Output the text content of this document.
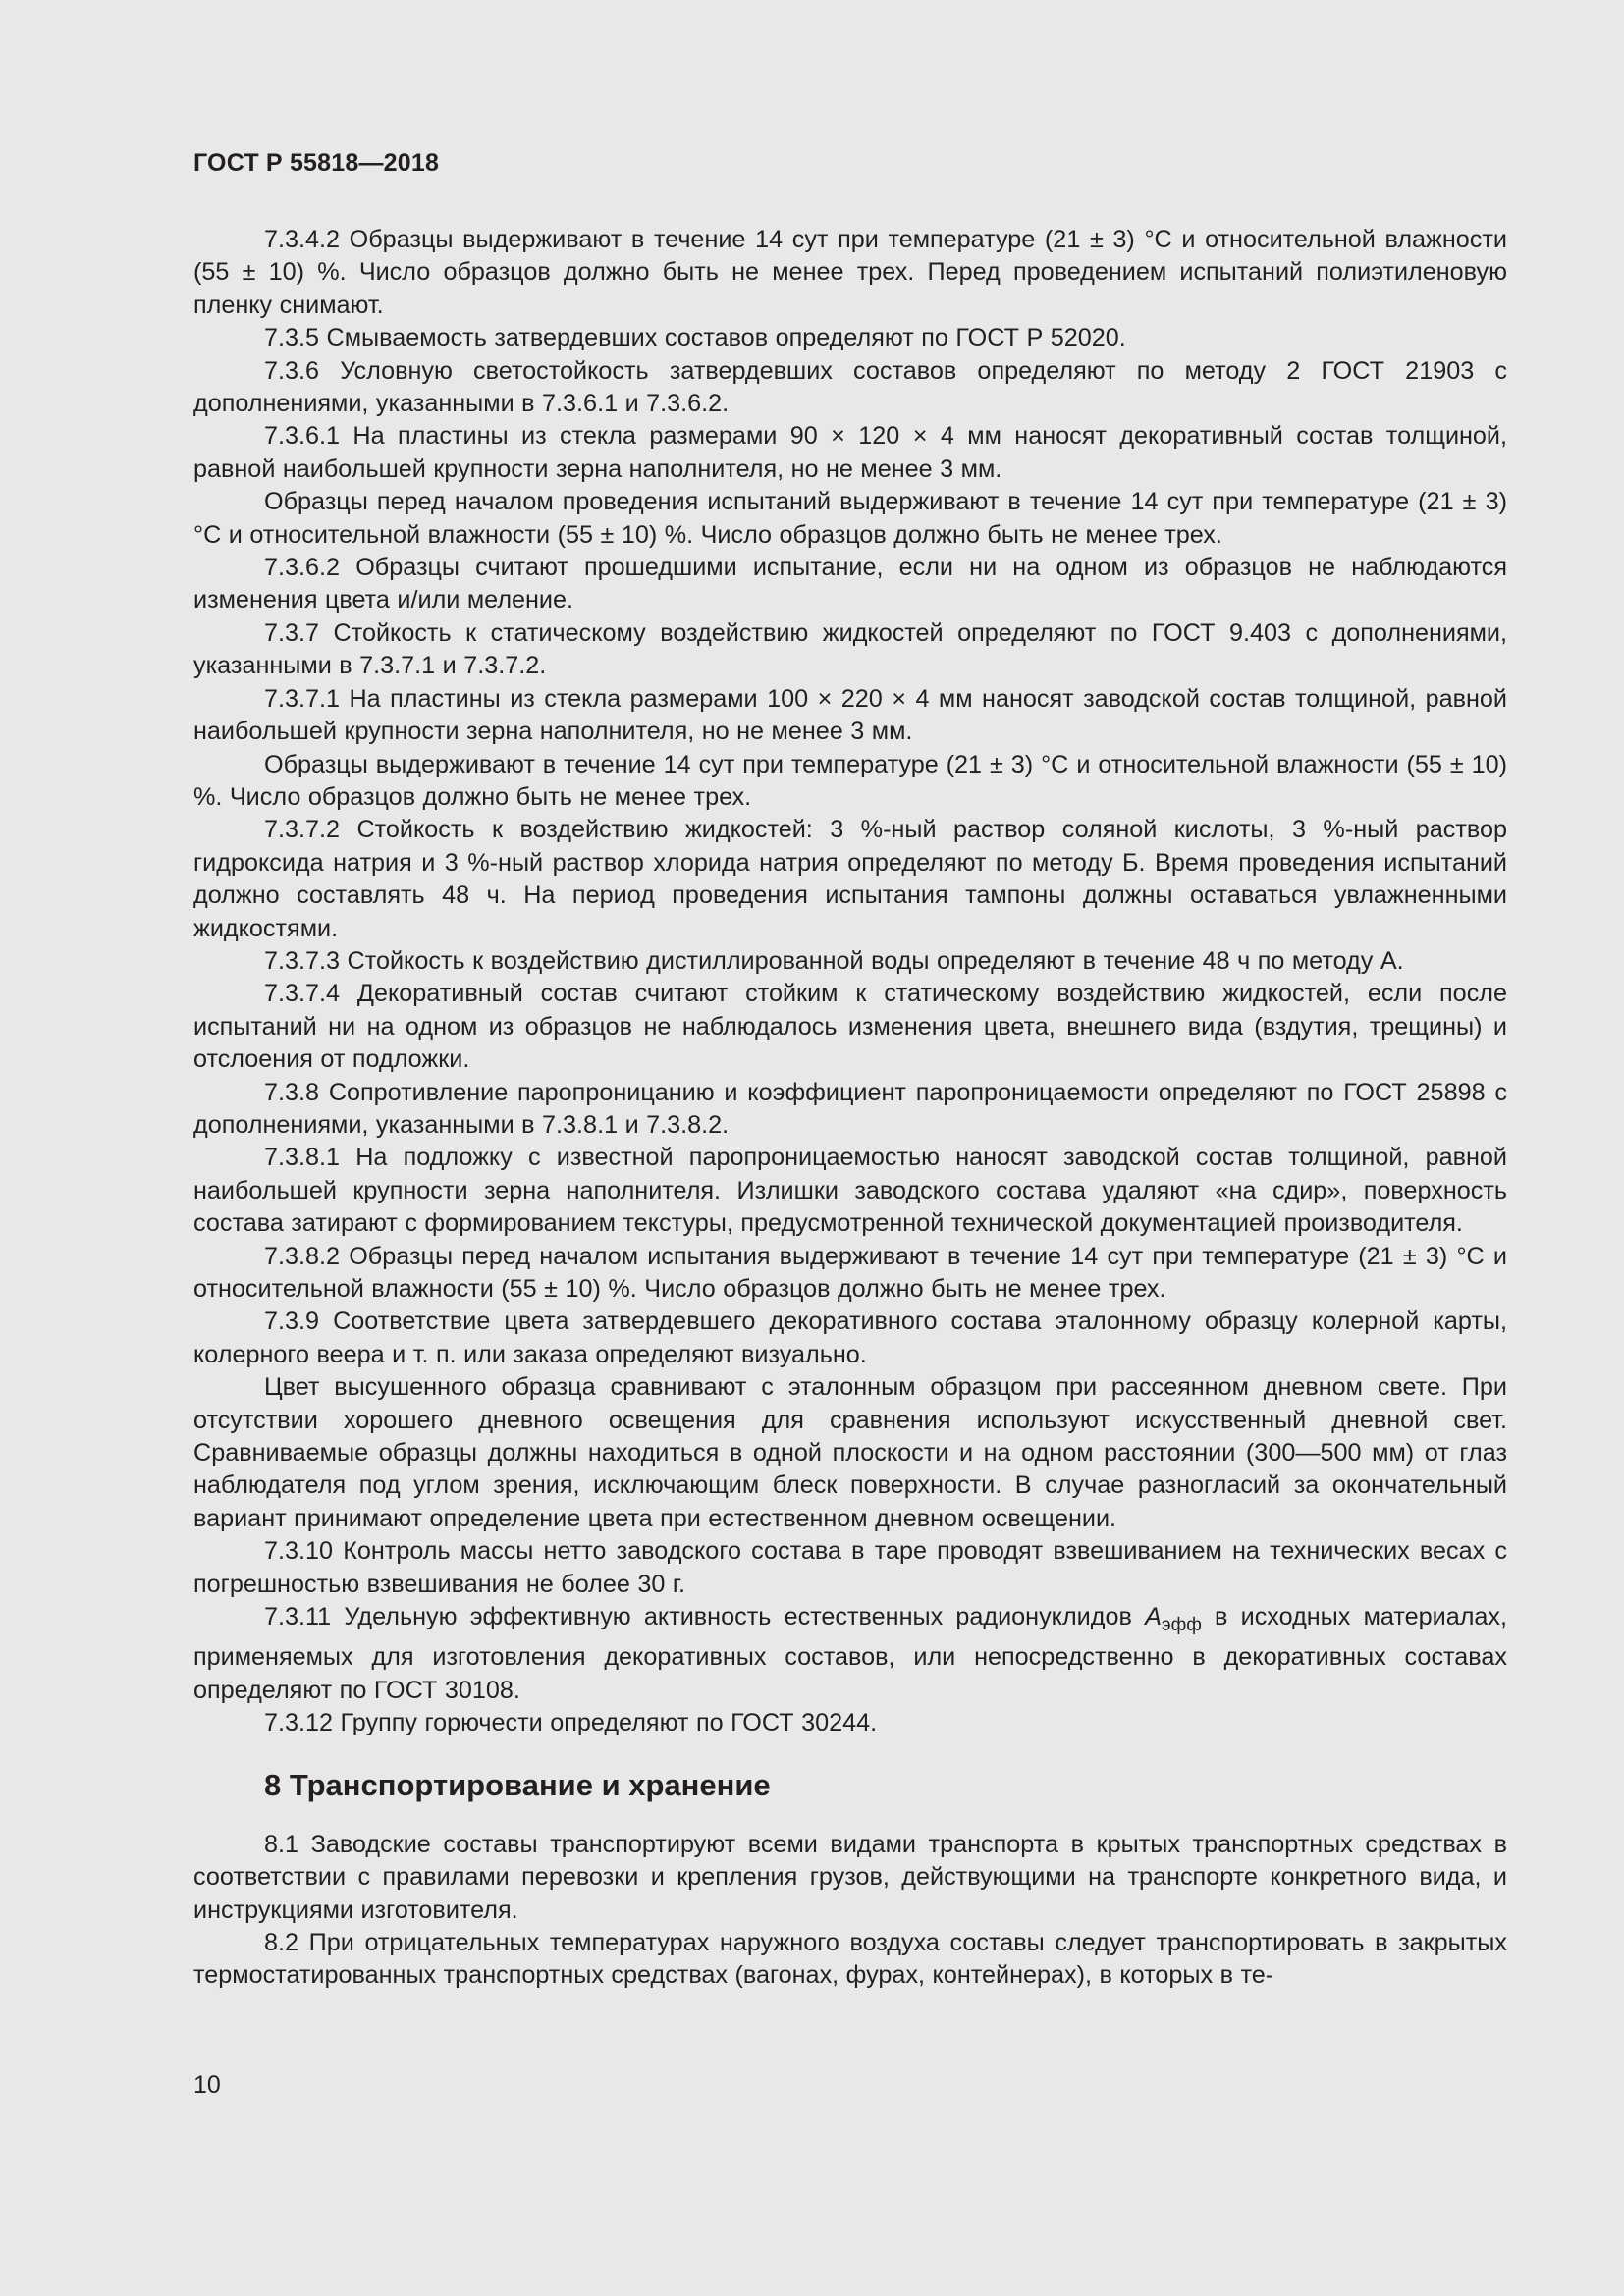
ГОСТ Р 55818—2018

7.3.4.2 Образцы выдерживают в течение 14 сут при температуре (21 ± 3) °С и относительной влажности (55 ± 10) %. Число образцов должно быть не менее трех. Перед проведением испытаний полиэтиленовую пленку снимают.

7.3.5 Смываемость затвердевших составов определяют по ГОСТ Р 52020.

7.3.6 Условную светостойкость затвердевших составов определяют по методу 2 ГОСТ 21903 с дополнениями, указанными в 7.3.6.1 и 7.3.6.2.

7.3.6.1 На пластины из стекла размерами 90 × 120 × 4 мм наносят декоративный состав толщиной, равной наибольшей крупности зерна наполнителя, но не менее 3 мм.

Образцы перед началом проведения испытаний выдерживают в течение 14 сут при температуре (21 ± 3) °С и относительной влажности (55 ± 10) %. Число образцов должно быть не менее трех.

7.3.6.2 Образцы считают прошедшими испытание, если ни на одном из образцов не наблюдаются изменения цвета и/или меление.

7.3.7 Стойкость к статическому воздействию жидкостей определяют по ГОСТ 9.403 с дополнениями, указанными в 7.3.7.1 и 7.3.7.2.

7.3.7.1 На пластины из стекла размерами 100 × 220 × 4 мм наносят заводской состав толщиной, равной наибольшей крупности зерна наполнителя, но не менее 3 мм.

Образцы выдерживают в течение 14 сут при температуре (21 ± 3) °С и относительной влажности (55 ± 10) %. Число образцов должно быть не менее трех.

7.3.7.2 Стойкость к воздействию жидкостей: 3 %-ный раствор соляной кислоты, 3 %-ный раствор гидроксида натрия и 3 %-ный раствор хлорида натрия определяют по методу Б. Время проведения испытаний должно составлять 48 ч. На период проведения испытания тампоны должны оставаться увлажненными жидкостями.

7.3.7.3 Стойкость к воздействию дистиллированной воды определяют в течение 48 ч по методу А.

7.3.7.4 Декоративный состав считают стойким к статическому воздействию жидкостей, если после испытаний ни на одном из образцов не наблюдалось изменения цвета, внешнего вида (вздутия, трещины) и отслоения от подложки.

7.3.8 Сопротивление паропроницанию и коэффициент паропроницаемости определяют по ГОСТ 25898 с дополнениями, указанными в 7.3.8.1 и 7.3.8.2.

7.3.8.1 На подложку с известной паропроницаемостью наносят заводской состав толщиной, равной наибольшей крупности зерна наполнителя. Излишки заводского состава удаляют «на сдир», поверхность состава затирают с формированием текстуры, предусмотренной технической документацией производителя.

7.3.8.2 Образцы перед началом испытания выдерживают в течение 14 сут при температуре (21 ± 3) °С и относительной влажности (55 ± 10) %. Число образцов должно быть не менее трех.

7.3.9 Соответствие цвета затвердевшего декоративного состава эталонному образцу колерной карты, колерного веера и т. п. или заказа определяют визуально.

Цвет высушенного образца сравнивают с эталонным образцом при рассеянном дневном свете. При отсутствии хорошего дневного освещения для сравнения используют искусственный дневной свет. Сравниваемые образцы должны находиться в одной плоскости и на одном расстоянии (300—500 мм) от глаз наблюдателя под углом зрения, исключающим блеск поверхности. В случае разногласий за окончательный вариант принимают определение цвета при естественном дневном освещении.

7.3.10 Контроль массы нетто заводского состава в таре проводят взвешиванием на технических весах с погрешностью взвешивания не более 30 г.

7.3.11 Удельную эффективную активность естественных радионуклидов $A_{эфф}$ в исходных материалах, применяемых для изготовления декоративных составов, или непосредственно в декоративных составах определяют по ГОСТ 30108.

7.3.12 Группу горючести определяют по ГОСТ 30244.

8 Транспортирование и хранение

8.1 Заводские составы транспортируют всеми видами транспорта в крытых транспортных средствах в соответствии с правилами перевозки и крепления грузов, действующими на транспорте конкретного вида, и инструкциями изготовителя.

8.2 При отрицательных температурах наружного воздуха составы следует транспортировать в закрытых термостатированных транспортных средствах (вагонах, фурах, контейнерах), в которых в те-

10
